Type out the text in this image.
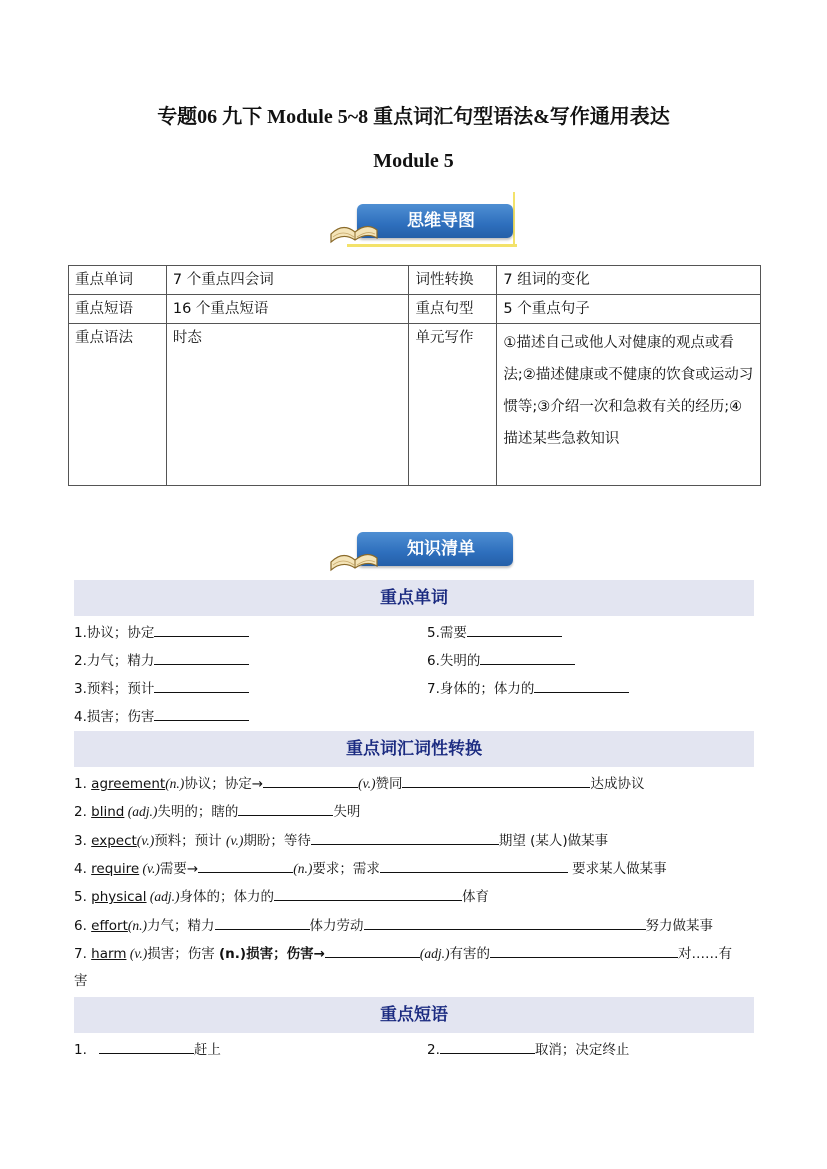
专题06 九下 Module 5~8 重点词汇句型语法&写作通用表达
Module 5
思维导图
重点单词	7 个重点四会词	词性转换	7 组词的变化
重点短语	16 个重点短语	重点句型	5 个重点句子
重点语法	时态	单元写作	①描述自己或他人对健康的观点或看法;②描述健康或不健康的饮食或运动习惯等;③介绍一次和急救有关的经历;④描述某些急救知识
知识清单
重点单词
1.协议；协定	5.需要
2.力气；精力	6.失明的
3.预料；预计	7.身体的；体力的
4.损害；伤害
重点词汇词性转换
1. agreement(n.)协议；协定→	(v.)赞同	达成协议
2. blind (adj.)失明的；瞎的	失明
3. expect(v.)预料；预计 (v.)期盼；等待	期望 (某人)做某事
4. require (v.)需要→	(n.)要求；需求	要求某人做某事
5. physical (adj.)身体的；体力的	体育
6. effort(n.)力气；精力	体力劳动	努力做某事
7. harm (v.)损害；伤害 (n.)损害；伤害→	(adj.)有害的	对……有
害
重点短语
1.	赶上	2.	取消；决定终止
